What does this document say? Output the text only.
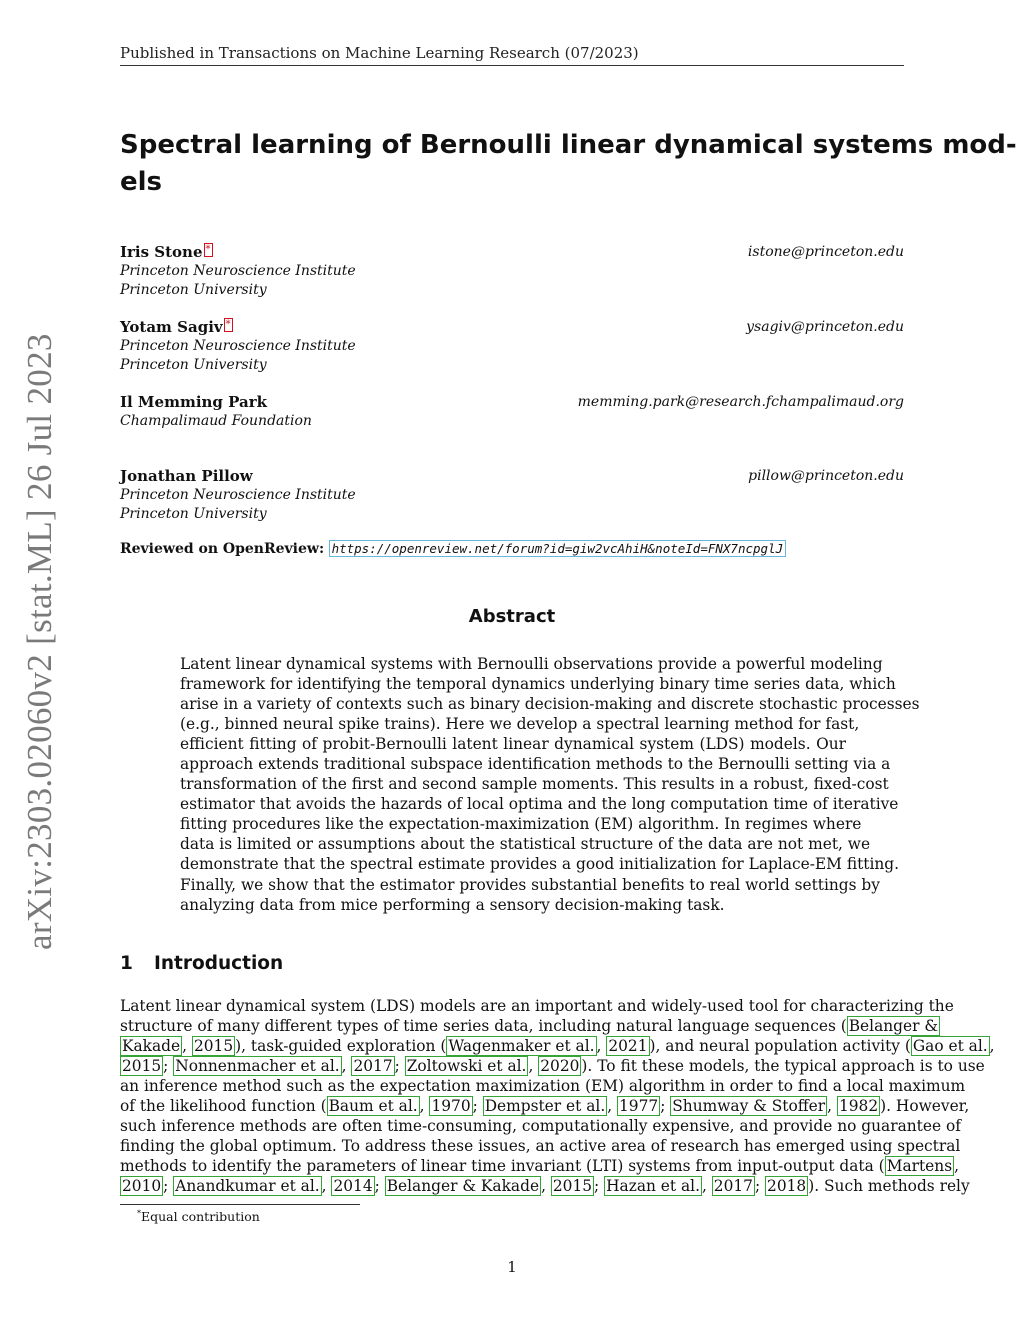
Published in Transactions on Machine Learning Research (07/2023)
arXiv:2303.02060v2 [stat.ML] 26 Jul 2023
Spectral learning of Bernoulli linear dynamical systems mod-
els
Iris Stone *	istone@princeton.edu
Princeton Neuroscience Institute
Princeton University
Yotam Sagiv *	ysagiv@princeton.edu
Princeton Neuroscience Institute
Princeton University
Il Memming Park	memming.park@research.fchampalimaud.org
Champalimaud Foundation
Jonathan Pillow	pillow@princeton.edu
Princeton Neuroscience Institute
Princeton University
Reviewed on OpenReview: https://openreview.net/forum?id=giw2vcAhiH&noteId=FNX7ncpglJ
Abstract
Latent linear dynamical systems with Bernoulli observations provide a powerful modeling
framework for identifying the temporal dynamics underlying binary time series data, which
arise in a variety of contexts such as binary decision-making and discrete stochastic processes
(e.g., binned neural spike trains). Here we develop a spectral learning method for fast,
efficient fitting of probit-Bernoulli latent linear dynamical system (LDS) models. Our
approach extends traditional subspace identification methods to the Bernoulli setting via a
transformation of the first and second sample moments. This results in a robust, fixed-cost
estimator that avoids the hazards of local optima and the long computation time of iterative
fitting procedures like the expectation-maximization (EM) algorithm. In regimes where
data is limited or assumptions about the statistical structure of the data are not met, we
demonstrate that the spectral estimate provides a good initialization for Laplace-EM fitting.
Finally, we show that the estimator provides substantial benefits to real world settings by
analyzing data from mice performing a sensory decision-making task.
1 Introduction
Latent linear dynamical system (LDS) models are an important and widely-used tool for characterizing the
structure of many different types of time series data, including natural language sequences ( Belanger &
Kakade , 2015 ), task-guided exploration ( Wagenmaker et al. , 2021 ), and neural population activity ( Gao et al. ,
2015 ; Nonnenmacher et al. , 2017 ; Zoltowski et al. , 2020 ). To fit these models, the typical approach is to use
an inference method such as the expectation maximization (EM) algorithm in order to find a local maximum
of the likelihood function ( Baum et al. , 1970 ; Dempster et al. , 1977 ; Shumway & Stoffer , 1982 ). However,
such inference methods are often time-consuming, computationally expensive, and provide no guarantee of
finding the global optimum. To address these issues, an active area of research has emerged using spectral
methods to identify the parameters of linear time invariant (LTI) systems from input-output data ( Martens ,
2010 ; Anandkumar et al. , 2014 ; Belanger & Kakade , 2015 ; Hazan et al. , 2017 ; 2018 ). Such methods rely
*Equal contribution
1
